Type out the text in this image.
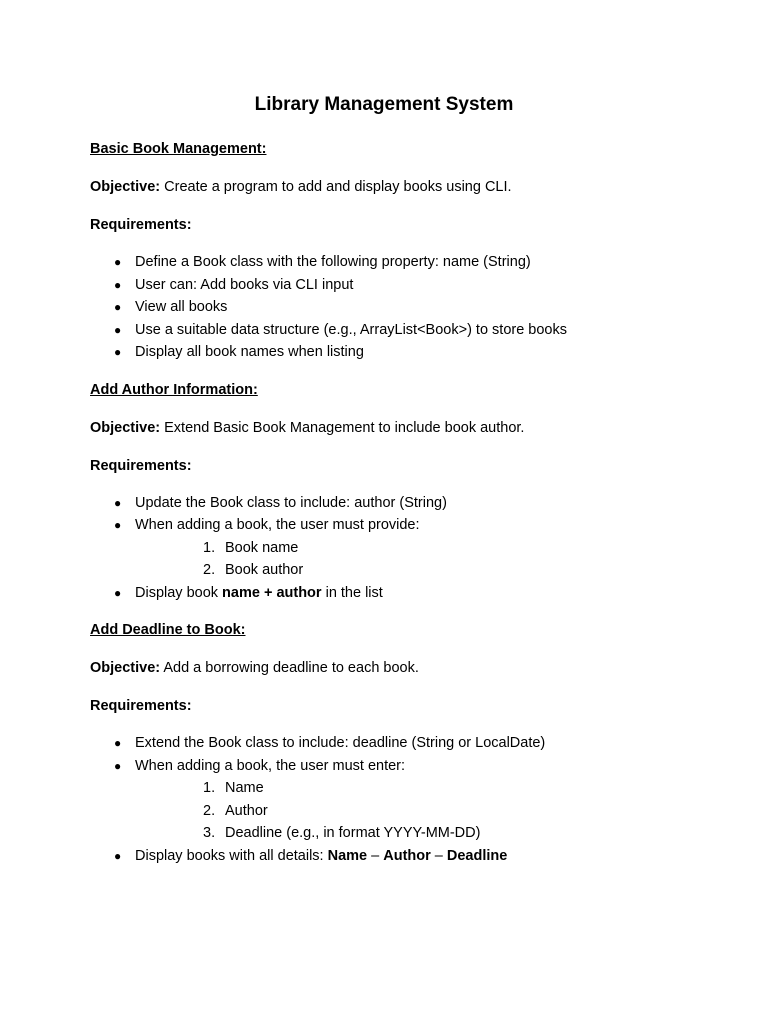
Library Management System
Basic Book Management:
Objective: Create a program to add and display books using CLI.
Requirements:
● Define a Book class with the following property: name (String)
● User can: Add books via CLI input
● View all books
● Use a suitable data structure (e.g., ArrayList<Book>) to store books
● Display all book names when listing
Add Author Information:
Objective: Extend Basic Book Management to include book author.
Requirements:
● Update the Book class to include: author (String)
● When adding a book, the user must provide:
1. Book name
2. Book author
● Display book name + author in the list
Add Deadline to Book:
Objective: Add a borrowing deadline to each book.
Requirements:
● Extend the Book class to include: deadline (String or LocalDate)
● When adding a book, the user must enter:
1. Name
2. Author
3. Deadline (e.g., in format YYYY-MM-DD)
● Display books with all details: Name – Author – Deadline
